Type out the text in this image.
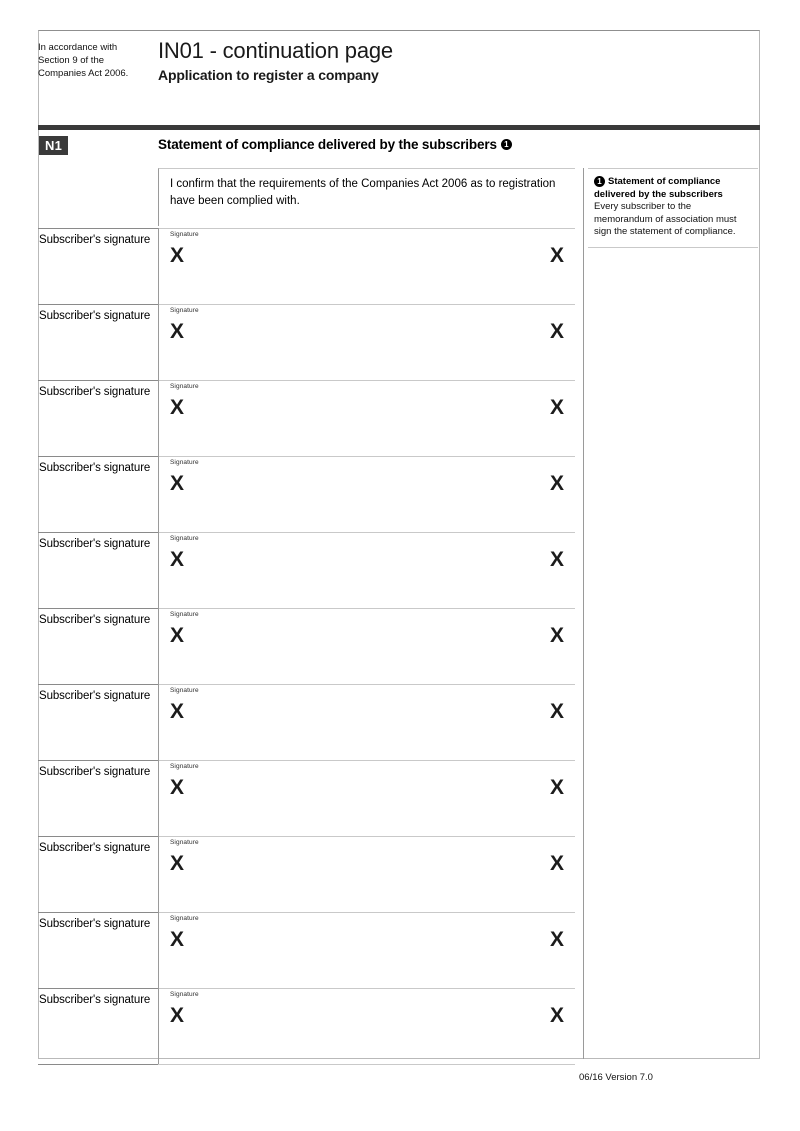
In accordance with Section 9 of the Companies Act 2006.
IN01 - continuation page
Application to register a company
N1	Statement of compliance delivered by the subscribers 1
I confirm that the requirements of the Companies Act 2006 as to registration have been complied with.
Subscriber's signature	Signature
X	X
Subscriber's signature	Signature
X	X
Subscriber's signature	Signature
X	X
Subscriber's signature	Signature
X	X
Subscriber's signature	Signature
X	X
Subscriber's signature	Signature
X	X
Subscriber's signature	Signature
X	X
Subscriber's signature	Signature
X	X
Subscriber's signature	Signature
X	X
Subscriber's signature	Signature
X	X
Subscriber's signature	Signature
X	X
1 Statement of compliance delivered by the subscribers
Every subscriber to the memorandum of association must sign the statement of compliance.
06/16 Version 7.0
